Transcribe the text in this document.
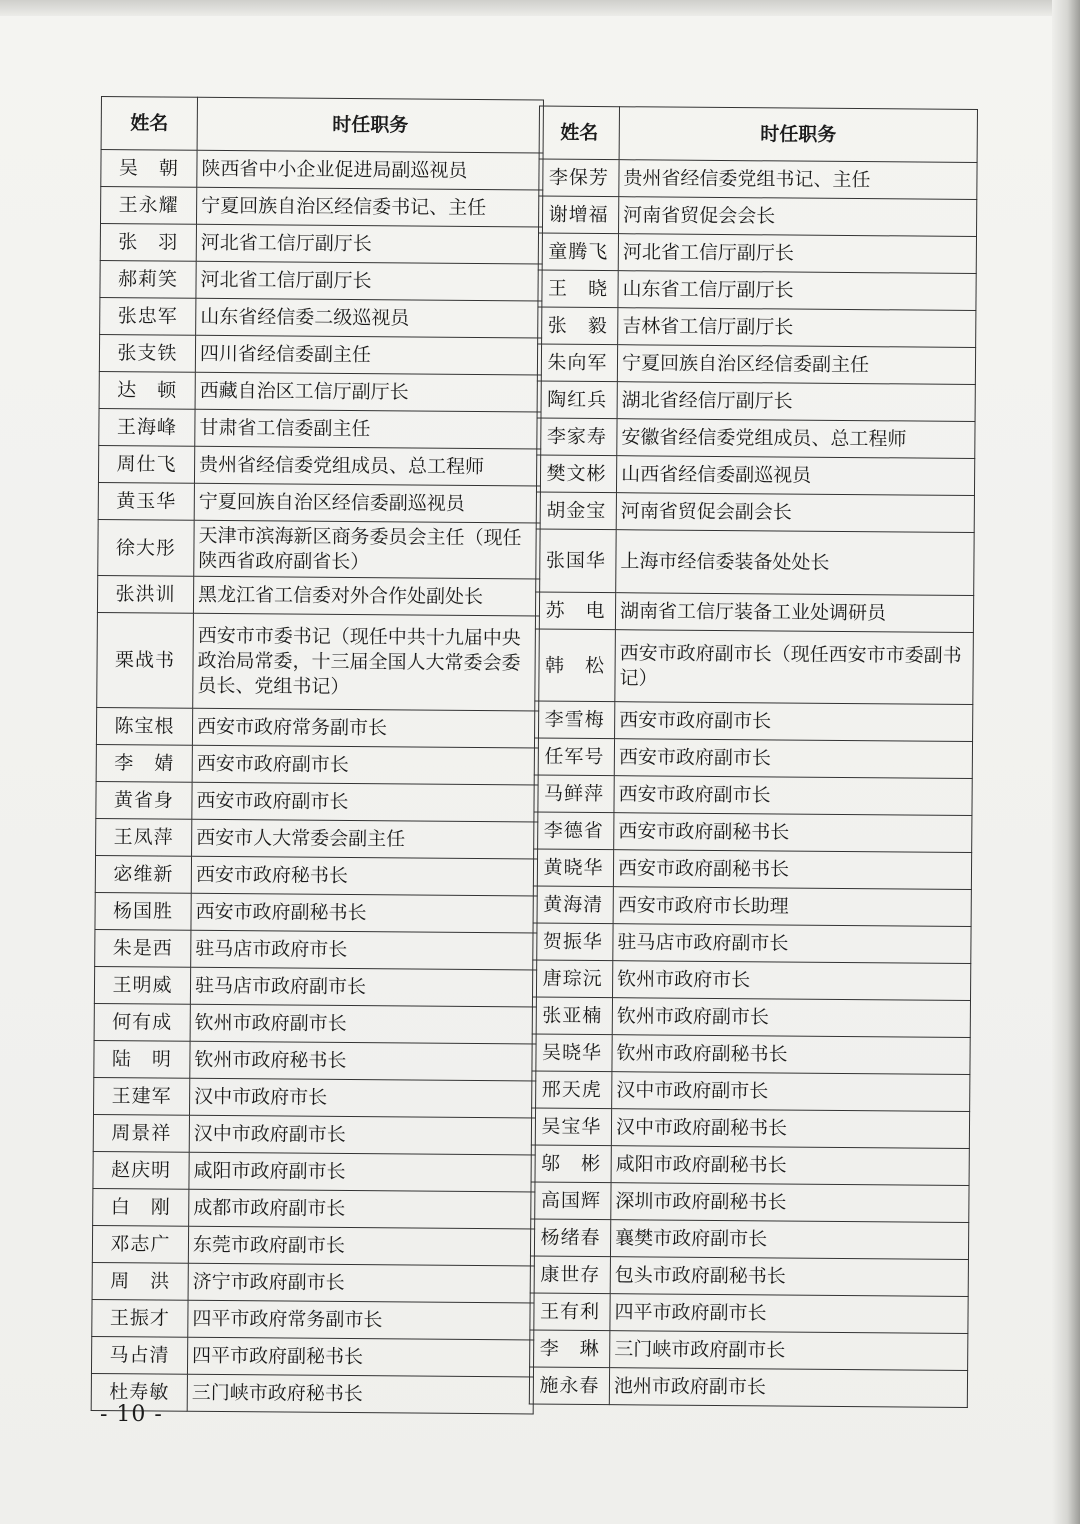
姓名	时任职务
吴　朝	陕西省中小企业促进局副巡视员
王永耀	宁夏回族自治区经信委书记、主任
张　羽	河北省工信厅副厅长
郝莉笑	河北省工信厅副厅长
张忠军	山东省经信委二级巡视员
张支铁	四川省经信委副主任
达　顿	西藏自治区工信厅副厅长
王海峰	甘肃省工信委副主任
周仕飞	贵州省经信委党组成员、总工程师
黄玉华	宁夏回族自治区经信委副巡视员
徐大彤	天津市滨海新区商务委员会主任（现任陕西省政府副省长）
张洪训	黑龙江省工信委对外合作处副处长
栗战书	西安市市委书记（现任中共十九届中央政治局常委，十三届全国人大常委会委员长、党组书记）
陈宝根	西安市政府常务副市长
李　婧	西安市政府副市长
黄省身	西安市政府副市长
王凤萍	西安市人大常委会副主任
宓维新	西安市政府秘书长
杨国胜	西安市政府副秘书长
朱是西	驻马店市政府市长
王明威	驻马店市政府副市长
何有成	钦州市政府副市长
陆　明	钦州市政府秘书长
王建军	汉中市政府市长
周景祥	汉中市政府副市长
赵庆明	咸阳市政府副市长
白　刚	成都市政府副市长
邓志广	东莞市政府副市长
周　洪	济宁市政府副市长
王振才	四平市政府常务副市长
马占清	四平市政府副秘书长
杜寿敏	三门峡市政府秘书长
姓名	时任职务
李保芳	贵州省经信委党组书记、主任
谢增福	河南省贸促会会长
童腾飞	河北省工信厅副厅长
王　晓	山东省工信厅副厅长
张　毅	吉林省工信厅副厅长
朱向军	宁夏回族自治区经信委副主任
陶红兵	湖北省经信厅副厅长
李家寿	安徽省经信委党组成员、总工程师
樊文彬	山西省经信委副巡视员
胡金宝	河南省贸促会副会长
张国华	上海市经信委装备处处长
苏　电	湖南省工信厅装备工业处调研员
韩　松	西安市政府副市长（现任西安市市委副书记）
李雪梅	西安市政府副市长
任军号	西安市政府副市长
马鲜萍	西安市政府副市长
李德省	西安市政府副秘书长
黄晓华	西安市政府副秘书长
黄海清	西安市政府市长助理
贺振华	驻马店市政府副市长
唐琮沅	钦州市政府市长
张亚楠	钦州市政府副市长
吴晓华	钦州市政府副秘书长
邢天虎	汉中市政府副市长
吴宝华	汉中市政府副秘书长
邬　彬	咸阳市政府副秘书长
高国辉	深圳市政府副秘书长
杨绪春	襄樊市政府副市长
康世存	包头市政府副秘书长
王有利	四平市政府副市长
李　琳	三门峡市政府副市长
施永春	池州市政府副市长
- 10 -
